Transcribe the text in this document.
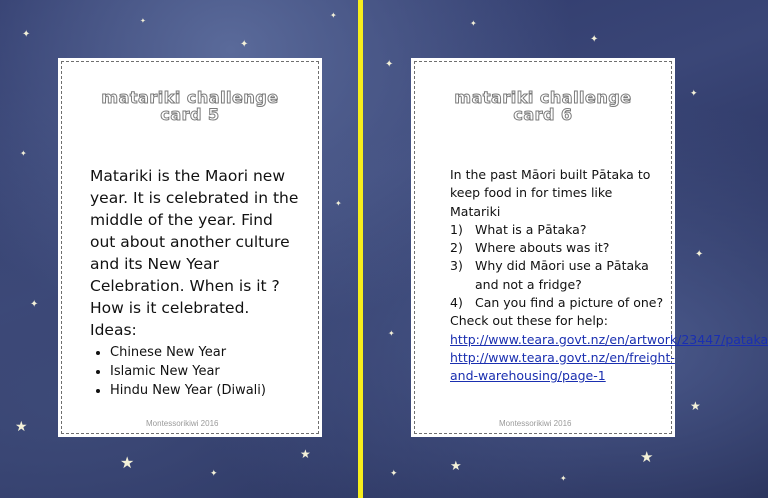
✦
✦
✦
✦
✦
✦
★
★
✦
★
✦
✦
✦
✦
✦
✦
✦
★
★
✦
★
✦
matariki challenge
card 5
Matariki is the Maori new year. It is celebrated in the middle of the year. Find out about another culture and its New Year Celebration. When is it ? How is it celebrated.
Ideas:
• Chinese New Year
• Islamic New Year
• Hindu New Year (Diwali)
Montessorikiwi 2016
matariki challenge
card 6
In the past Māori built Pātaka to keep food in for times like Matariki
1) What is a Pātaka?
2) Where abouts was it?
3) Why did Māori use a Pātaka and not a fridge?
4) Can you find a picture of one?
Check out these for help:
http://www.teara.govt.nz/en/artwork/23447/pataka
http://www.teara.govt.nz/en/freight-and-warehousing/page-1
Montessorikiwi 2016
